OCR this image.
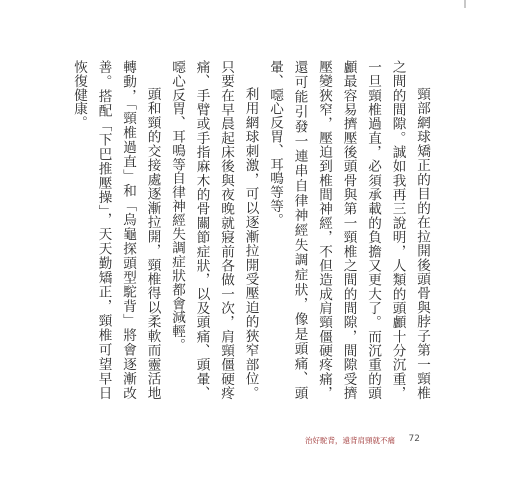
頸部網球矯正的目的在拉開後頭骨與脖子第一頸椎之間的間隙。誠如我再三說明，人類的頭顱十分沉重，一旦頸椎過直，必須承載的負擔又更大了。而沉重的頭顱最容易擠壓後頭骨與第一頸椎之間的間隙，間隙受擠壓變狹窄，壓迫到椎間神經，不但造成肩頸僵硬疼痛，還可能引發一連串自律神經失調症狀，像是頭痛、頭暈、噁心反胃、耳鳴等等。

利用網球刺激，可以逐漸拉開受壓迫的狹窄部位。只要在早晨起床後與夜晚就寢前各做一次，肩頸僵硬疼痛、手臂或手指麻木的骨關節症狀，以及頭痛、頭暈、噁心反胃、耳鳴等自律神經失調症狀都會減輕。

頭和頸的交接處逐漸拉開，頸椎得以柔軟而靈活地轉動，「頸椎過直」和「烏龜探頭型駝背」將會逐漸改善。搭配「下巴推壓操」，天天勤矯正，頸椎可望早日恢復健康。

治好駝背，遠背肩頸就不痛 72
